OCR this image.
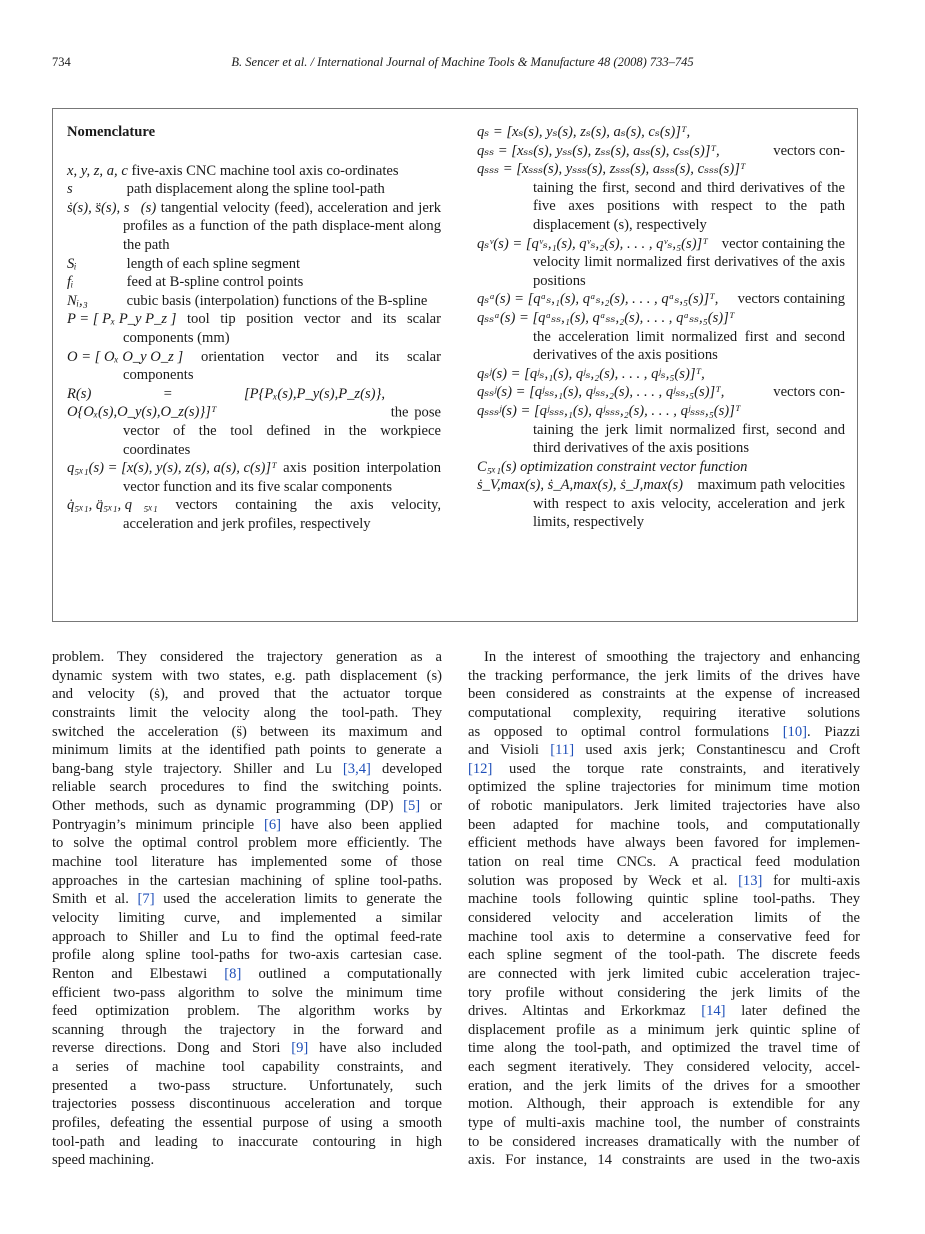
734	B. Sencer et al. / International Journal of Machine Tools & Manufacture 48 (2008) 733–745
Nomenclature
x, y, z, a, c five-axis CNC machine tool axis co-ordinates
s	path displacement along the spline tool-path
ṡ(s), s̈(s), s⃛(s) tangential velocity (feed), acceleration and jerk profiles as a function of the path displace-ment along the path
Sᵢ	length of each spline segment
fᵢ	feed at B-spline control points
Nᵢ,₃	cubic basis (interpolation) functions of the B-spline
P = [ Pₓ P_y P_z ] tool tip position vector and its scalar components (mm)
O = [ Oₓ O_y O_z ] orientation vector and its scalar components
R(s) = [P{Pₓ(s),P_y(s),P_z(s)}, O{Oₓ(s),O_y(s),O_z(s)}]ᵀ	the pose vector of the tool defined in the workpiece coordinates
q₅ₓ₁(s) = [x(s), y(s), z(s), a(s), c(s)]ᵀ axis position interpolation vector function and its five scalar components
q̇₅ₓ₁, q̈₅ₓ₁, q⃛₅ₓ₁ vectors containing the axis velocity, acceleration and jerk profiles, respectively
qₛ = [xₛ(s), yₛ(s), zₛ(s), aₛ(s), cₛ(s)]ᵀ,
qₛₛ = [xₛₛ(s), yₛₛ(s), zₛₛ(s), aₛₛ(s), cₛₛ(s)]ᵀ,	vectors con-
qₛₛₛ = [xₛₛₛ(s), yₛₛₛ(s), zₛₛₛ(s), aₛₛₛ(s), cₛₛₛ(s)]ᵀ
taining the first, second and third derivatives of the five axes positions with respect to the path displacement (s), respectively
qₛᵛ(s) = [qᵛₛ,₁(s), qᵛₛ,₂(s), . . . , qᵛₛ,₅(s)]ᵀ vector containing the
velocity limit normalized first derivatives of the axis positions
qₛᵃ(s) = [qᵃₛ,₁(s), qᵃₛ,₂(s), . . . , qᵃₛ,₅(s)]ᵀ,	vectors containing
qₛₛᵃ(s) = [qᵃₛₛ,₁(s), qᵃₛₛ,₂(s), . . . , qᵃₛₛ,₅(s)]ᵀ
the acceleration limit normalized first and second derivatives of the axis positions
qₛʲ(s) = [qʲₛ,₁(s), qʲₛ,₂(s), . . . , qʲₛ,₅(s)]ᵀ,
qₛₛʲ(s) = [qʲₛₛ,₁(s), qʲₛₛ,₂(s), . . . , qʲₛₛ,₅(s)]ᵀ,	vectors con-
qₛₛₛʲ(s) = [qʲₛₛₛ,₁(s), qʲₛₛₛ,₂(s), . . . , qʲₛₛₛ,₅(s)]ᵀ
taining the jerk limit normalized first, second and third derivatives of the axis positions
C₅ₓ₁(s) optimization constraint vector function
ṡ_V,max(s), ṡ_A,max(s), ṡ_J,max(s) maximum path velocities
with respect to axis velocity, acceleration and jerk limits, respectively
problem. They considered the trajectory generation as a
dynamic system with two states, e.g. path displacement (s)
and velocity (ṡ), and proved that the actuator torque
constraints limit the velocity along the tool-path. They
switched the acceleration (s̈) between its maximum and
minimum limits at the identified path points to generate a
bang-bang style trajectory. Shiller and Lu [3,4] developed
reliable search procedures to find the switching points.
Other methods, such as dynamic programming (DP) [5] or
Pontryagin’s minimum principle [6] have also been applied
to solve the optimal control problem more efficiently. The
machine tool literature has implemented some of those
approaches in the cartesian machining of spline tool-paths.
Smith et al. [7] used the acceleration limits to generate the
velocity limiting curve, and implemented a similar
approach to Shiller and Lu to find the optimal feed-rate
profile along spline tool-paths for two-axis cartesian case.
Renton and Elbestawi [8] outlined a computationally
efficient two-pass algorithm to solve the minimum time
feed optimization problem. The algorithm works by
scanning through the trajectory in the forward and
reverse directions. Dong and Stori [9] have also included
a series of machine tool capability constraints, and
presented a two-pass structure. Unfortunately, such
trajectories possess discontinuous acceleration and torque
profiles, defeating the essential purpose of using a smooth
tool-path and leading to inaccurate contouring in high
speed machining.
In the interest of smoothing the trajectory and enhancing
the tracking performance, the jerk limits of the drives have
been considered as constraints at the expense of increased
computational complexity, requiring iterative solutions
as opposed to optimal control formulations [10]. Piazzi
and Visioli [11] used axis jerk; Constantinescu and Croft
[12] used the torque rate constraints, and iteratively
optimized the spline trajectories for minimum time motion
of robotic manipulators. Jerk limited trajectories have also
been adapted for machine tools, and computationally
efficient methods have always been favored for implemen-
tation on real time CNCs. A practical feed modulation
solution was proposed by Weck et al. [13] for multi-axis
machine tools following quintic spline tool-paths. They
considered velocity and acceleration limits of the
machine tool axis to determine a conservative feed for
each spline segment of the tool-path. The discrete feeds
are connected with jerk limited cubic acceleration trajec-
tory profile without considering the jerk limits of the
drives. Altintas and Erkorkmaz [14] later defined the
displacement profile as a minimum jerk quintic spline of
time along the tool-path, and optimized the travel time of
each segment iteratively. They considered velocity, accel-
eration, and the jerk limits of the drives for a smoother
motion. Although, their approach is extendible for any
type of multi-axis machine tool, the number of constraints
to be considered increases dramatically with the number of
axis. For instance, 14 constraints are used in the two-axis
